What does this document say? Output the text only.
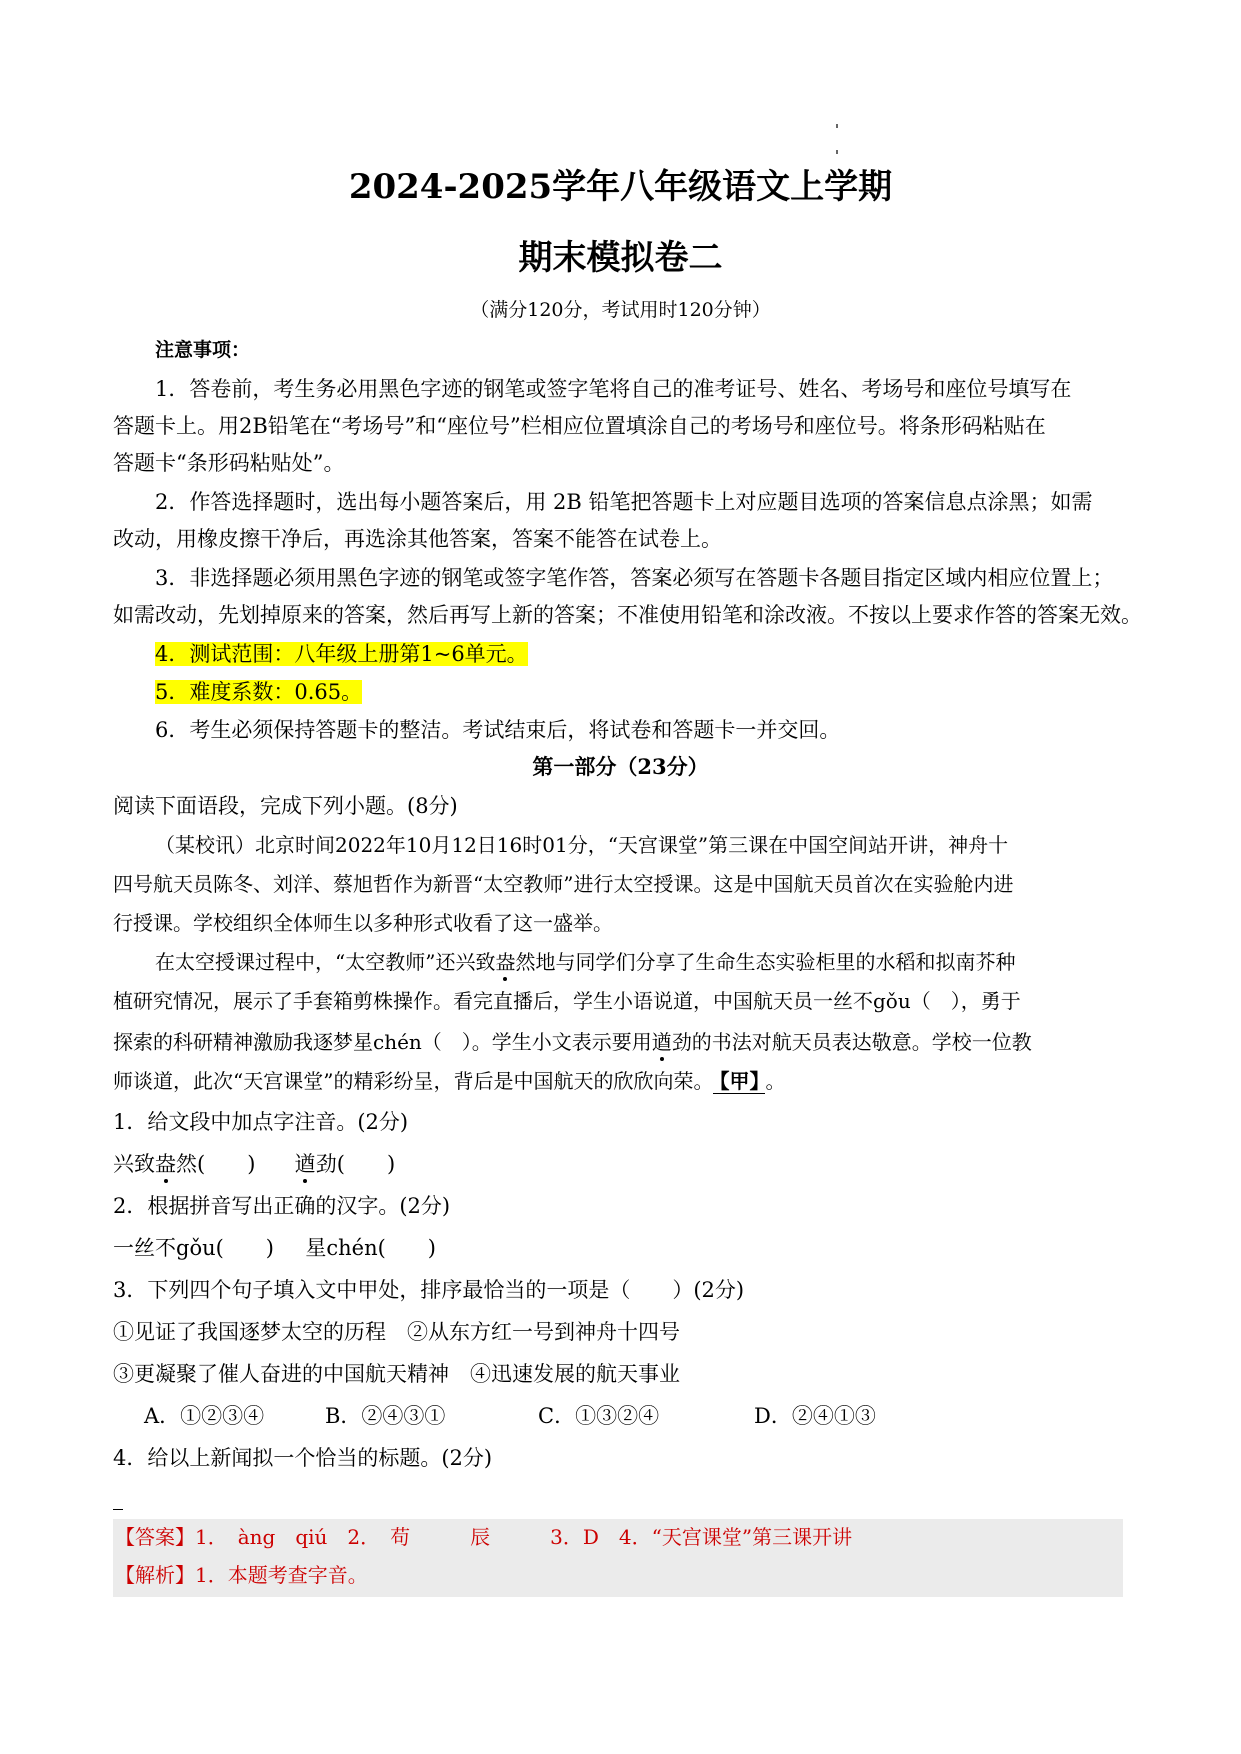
2024-2025学年八年级语文上学期
期末模拟卷二
（满分120分，考试用时120分钟）
注意事项：
1．答卷前，考生务必用黑色字迹的钢笔或签字笔将自己的准考证号、姓名、考场号和座位号填写在
答题卡上。用2B铅笔在“考场号”和“座位号”栏相应位置填涂自己的考场号和座位号。将条形码粘贴在
答题卡“条形码粘贴处”。
2．作答选择题时，选出每小题答案后，用 2B 铅笔把答题卡上对应题目选项的答案信息点涂黑；如需
改动，用橡皮擦干净后，再选涂其他答案，答案不能答在试卷上。
3．非选择题必须用黑色字迹的钢笔或签字笔作答，答案必须写在答题卡各题目指定区域内相应位置上；
如需改动，先划掉原来的答案，然后再写上新的答案；不准使用铅笔和涂改液。不按以上要求作答的答案无效。
4．测试范围：八年级上册第1~6单元。
5．难度系数：0.65。
6．考生必须保持答题卡的整洁。考试结束后，将试卷和答题卡一并交回。
第一部分（23分）
阅读下面语段，完成下列小题。(8分)
（某校讯）北京时间2022年10月12日16时01分，“天宫课堂”第三课在中国空间站开讲，神舟十
四号航天员陈冬、刘洋、蔡旭哲作为新晋“太空教师”进行太空授课。这是中国航天员首次在实验舱内进
行授课。学校组织全体师生以多种形式收看了这一盛举。
在太空授课过程中，“太空教师”还兴致盎
然地与同学们分享了生命生态实验柜里的水稻和拟南芥种
植研究情况，展示了手套箱剪株操作。看完直播后，学生小语说道，中国航天员一丝不gǒu（　），勇于
探索的科研精神激励我逐梦星chén（　）。学生小文表示要用遒
劲的书法对航天员表达敬意。学校一位教
师谈道，此次“天宫课堂”的精彩纷呈，背后是中国航天的欣欣向荣。 【甲】 。
1．给文段中加点字注音。(2分)
兴致盎
然(　　) 遒
劲(　　)
2．根据拼音写出正确的汉字。(2分)
一丝不gǒu(　　) 星chén(　　)
3．下列四个句子填入文中甲处，排序最恰当的一项是（　　）(2分)
①见证了我国逐梦太空的历程　②从东方红一号到神舟十四号
③更凝聚了催人奋进的中国航天精神　④迅速发展的航天事业
A．①②③④	B．②④③①	C．①③②④	D．②④①③
4．给以上新闻拟一个恰当的标题。(2分)
【答案】1．　àng　qiú　2．　苟　　　辰　　　3．D　4．“天宫课堂”第三课开讲
【解析】1．本题考查字音。
